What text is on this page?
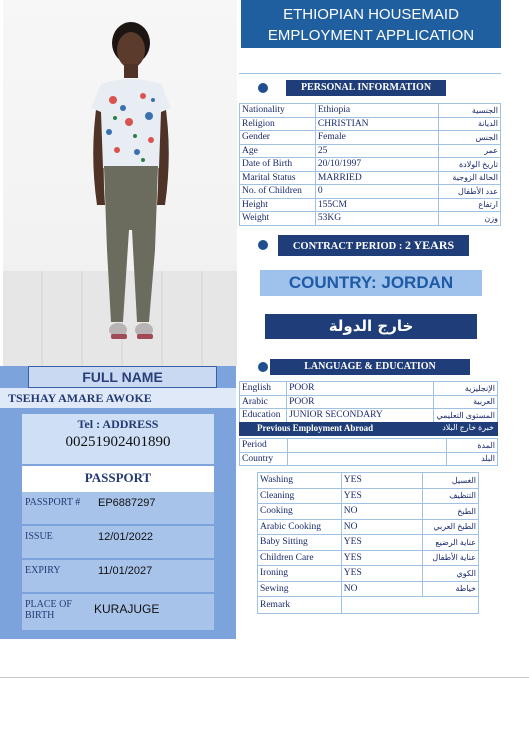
FULL NAME
TSEHAY AMARE AWOKE
Tel : ADDRESS
00251902401890
PASSPORT
PASSPORT #	EP6887297
ISSUE	12/01/2022
EXPIRY	11/01/2027
PLACE OF BIRTH	KURAJUGE
ETHIOPIAN HOUSEMAID
EMPLOYMENT APPLICATION
PERSONAL INFORMATION
Nationality	Ethiopia	الجنسية
Religion	CHRISTIAN	الديانة
Gender	Female	الجنس
Age	25	عمر
Date of Birth	20/10/1997	تاريخ الولادة
Marital Status	MARRIED	الحالة الزوجية
No. of Children	0	عدد الأطفال
Height	155CM	ارتفاع
Weight	53KG	وزن
CONTRACT PERIOD : 2 YEARS
COUNTRY: JORDAN
خارج الدولة
LANGUAGE & EDUCATION
English	POOR	الإنجليزية
Arabic	POOR	العربية
Education	JUNIOR SECONDARY	المستوى التعليمي
Previous Employment Abroad	خبرة خارج البلاد
Period		المدة
Country		البلد
Washing	YES	الغسيل
Cleaning	YES	التنظيف
Cooking	NO	الطبخ
Arabic Cooking	NO	الطبخ العربي
Baby Sitting	YES	عناية الرضيع
Children Care	YES	عناية الأطفال
Ironing	YES	الكوي
Sewing	NO	خياطة
Remark		
